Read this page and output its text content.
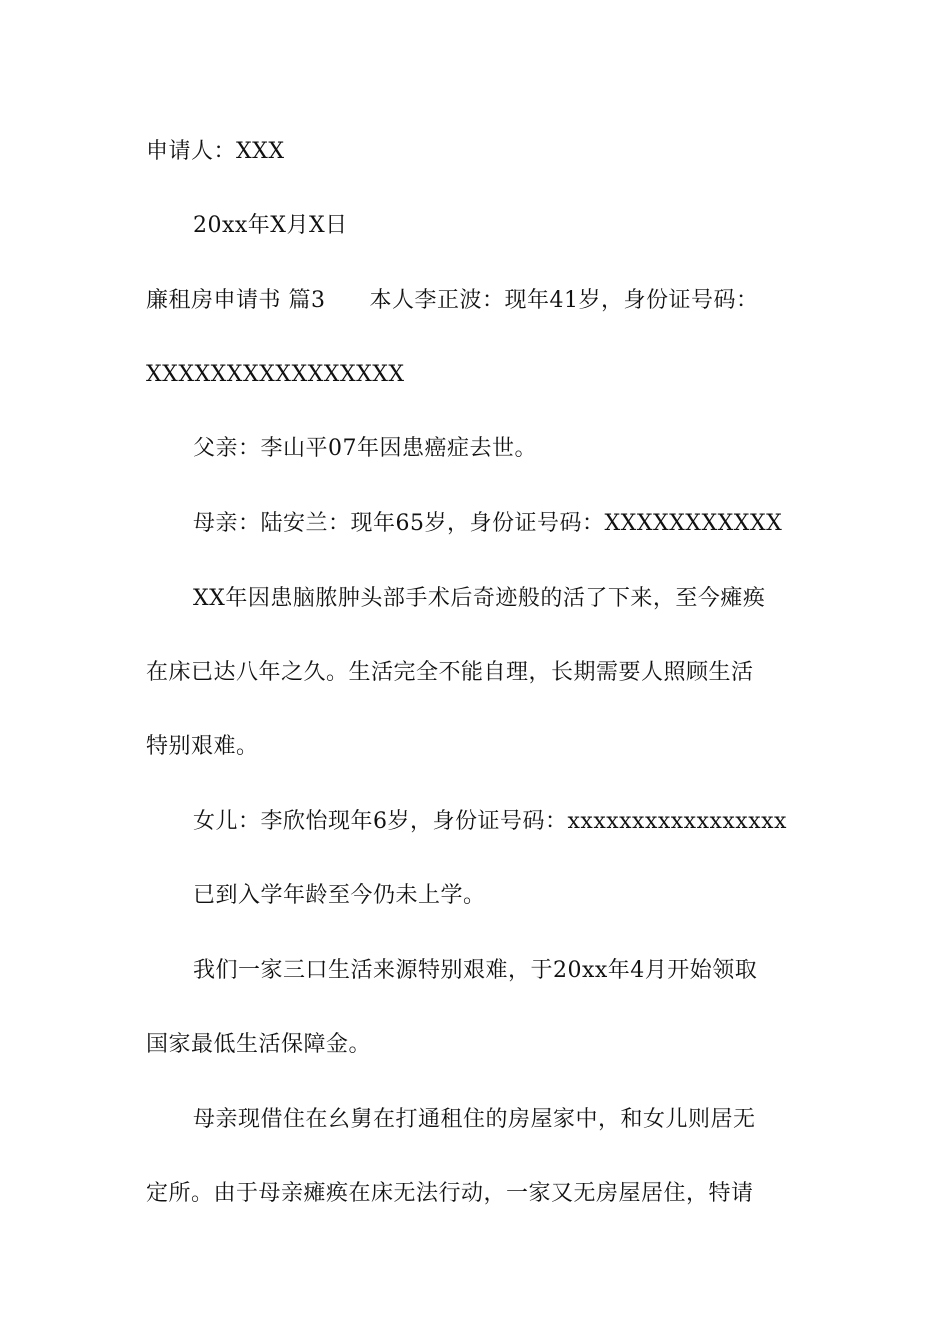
申请人：XXX
20xx年X月X日
廉租房申请书 篇3 本人李正波：现年41岁，身份证号码：
XXXXXXXXXXXXXXXX
父亲：李山平07年因患癌症去世。
母亲：陆安兰：现年65岁，身份证号码：XXXXXXXXXXX
XX年因患脑脓肿头部手术后奇迹般的活了下来，至今瘫痪
在床已达八年之久。生活完全不能自理，长期需要人照顾生活
特别艰难。
女儿：李欣怡现年6岁，身份证号码：xxxxxxxxxxxxxxxxx
已到入学年龄至今仍未上学。
我们一家三口生活来源特别艰难，于20xx年4月开始领取
国家最低生活保障金。
母亲现借住在幺舅在打通租住的房屋家中，和女儿则居无
定所。由于母亲瘫痪在床无法行动，一家又无房屋居住，特请
